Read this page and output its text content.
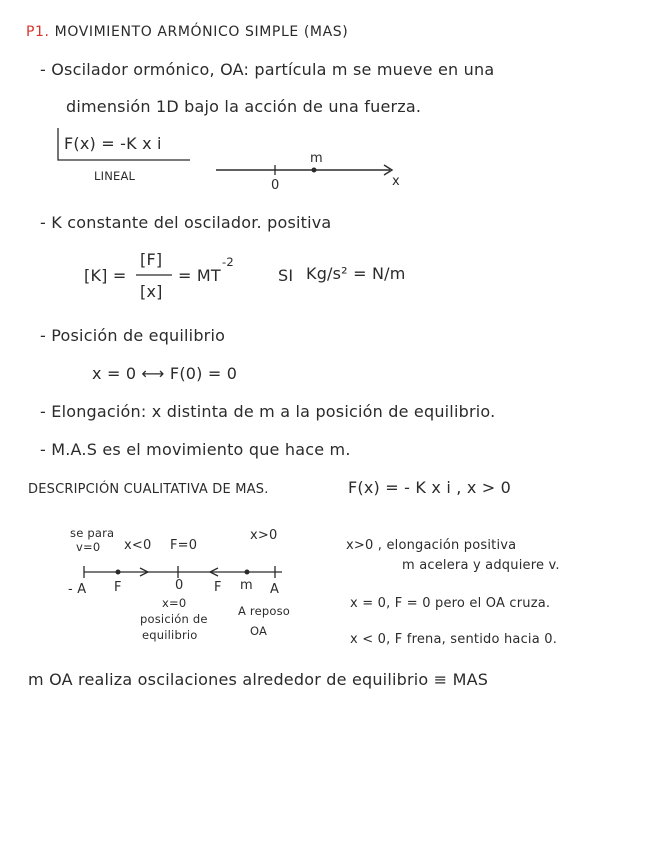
P1. MOVIMIENTO ARMÓNICO SIMPLE (MAS)
- Oscilador ormónico, OA: partícula m se mueve en una
dimensión 1D bajo la acción de una fuerza.
F(x) = -K x i
LINEAL
m
0	x
- K constante del oscilador. positiva
[K] =
[F]
[x]
= MT
-2
SI Kg/s² = N/m
- Posición de equilibrio
x = 0 ⟷ F(0) = 0
- Elongación: x distinta de m a la posición de equilibrio.
- M.A.S es el movimiento que hace m.
DESCRIPCIÓN CUALITATIVA DE MAS.	F(x) = - K x i , x > 0
se para
v=0 x<0 F=0
x>0
- A F	0 F m A
x=0
posición de
equilibrio
A reposo
OA
x>0 , elongación positiva
m acelera y adquiere v.
x = 0, F = 0 pero el OA cruza.
x < 0, F frena, sentido hacia 0.
m OA realiza oscilaciones alrededor de equilibrio ≡ MAS
